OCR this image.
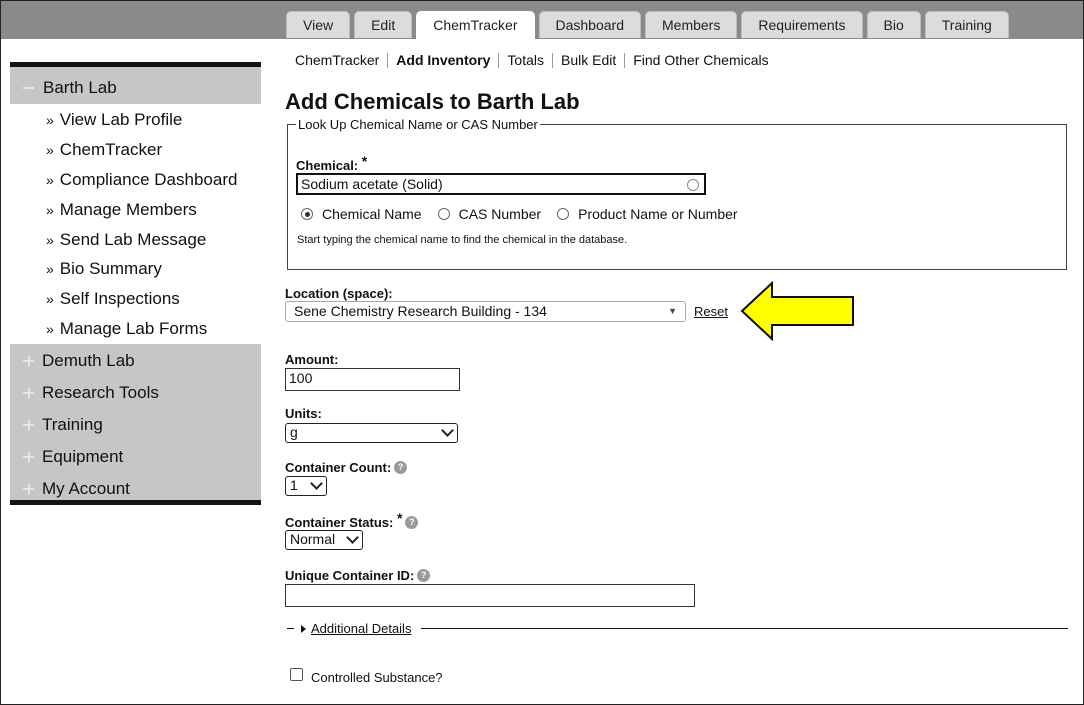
View	Edit	ChemTracker	Dashboard	Members	Requirements	Bio	Training
ChemTracker Add Inventory Totals Bulk Edit Find Other Chemicals
Barth Lab
» View Lab Profile
» ChemTracker
» Compliance Dashboard
» Manage Members
» Send Lab Message
» Bio Summary
» Self Inspections
» Manage Lab Forms
Demuth Lab
Research Tools
Training
Equipment
My Account
Add Chemicals to Barth Lab
Look Up Chemical Name or CAS Number
Chemical: *
Sodium acetate (Solid)
Chemical Name	CAS Number	Product Name or Number
Start typing the chemical name to find the chemical in the database.
Location (space):
Sene Chemistry Research Building - 134	▼ Reset
Amount:
100
Units:
g
Container Count: ?
1
Container Status: * ?
Normal
Unique Container ID: ?
Additional Details
Controlled Substance?
